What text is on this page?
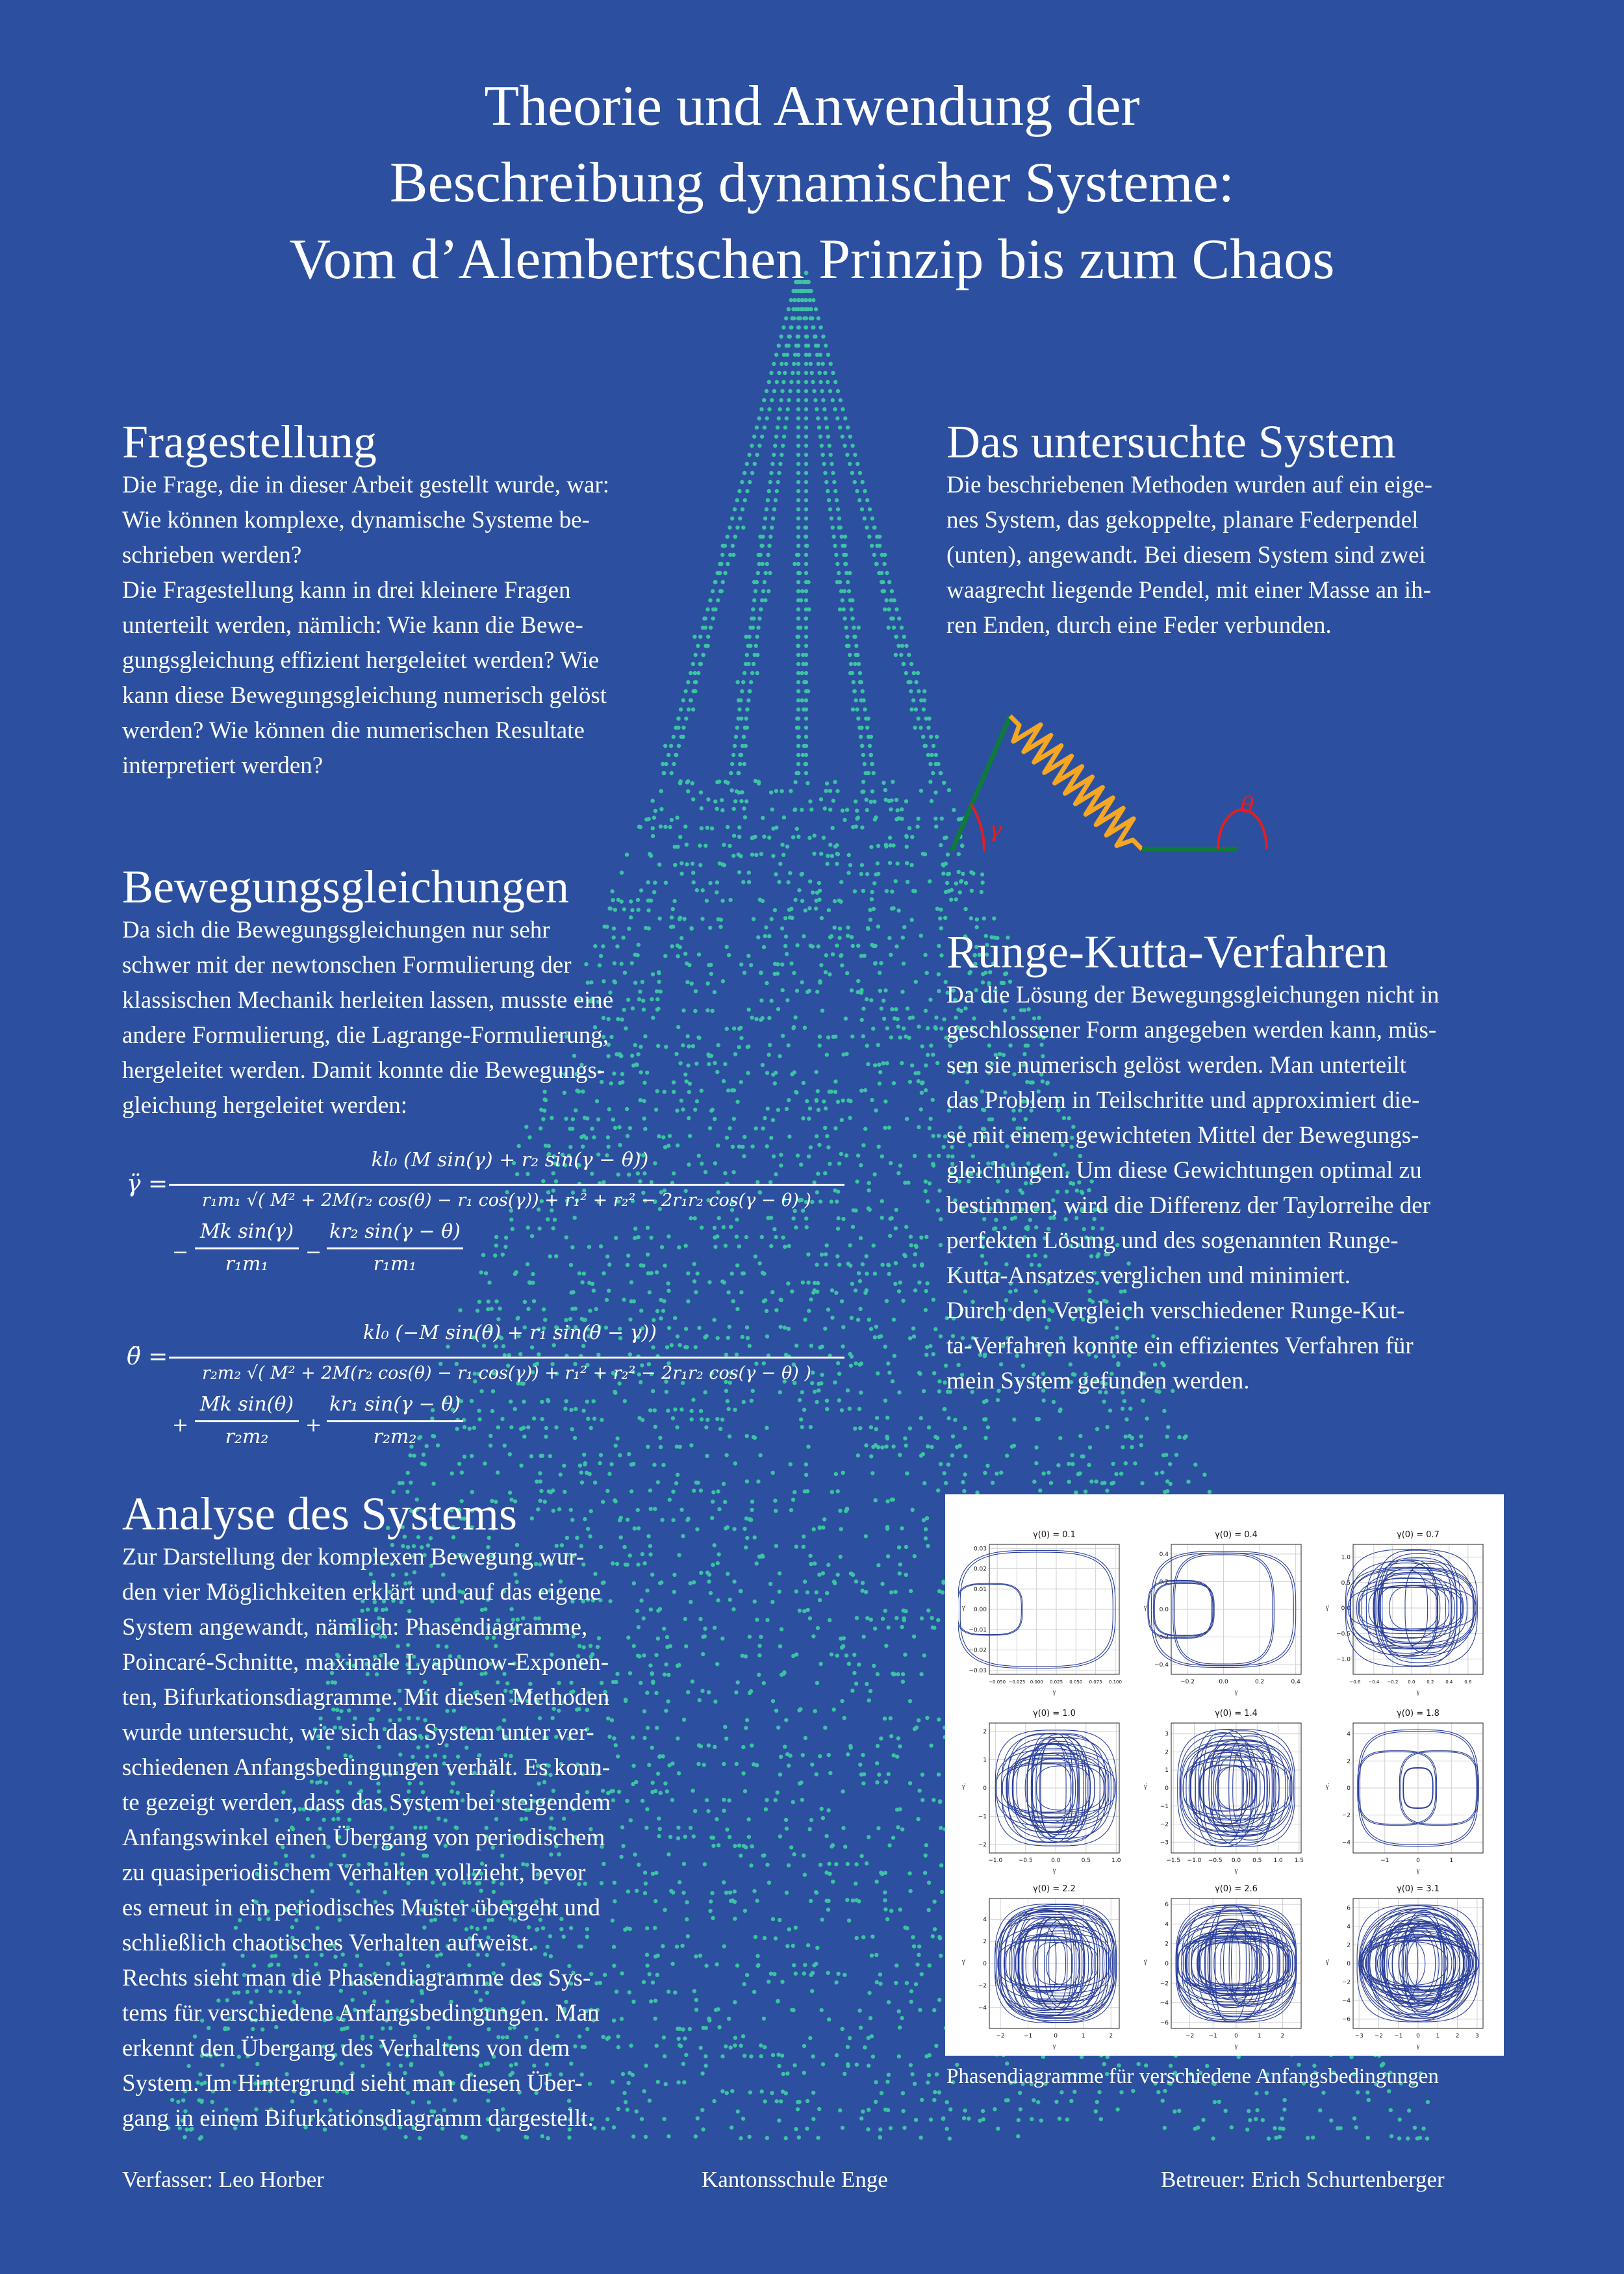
Theorie und Anwendung der
Beschreibung dynamischer Systeme:
Vom d’Alembertschen Prinzip bis zum Chaos
Fragestellung

Die Frage, die in dieser Arbeit gestellt wurde, war:
Wie können komplexe, dynamische Systeme be-
schrieben werden?
Die Fragestellung kann in drei kleinere Fragen
unterteilt werden, nämlich: Wie kann die Bewe-
gungsgleichung effizient hergeleitet werden? Wie
kann diese Bewegungsgleichung numerisch gelöst
werden? Wie können die numerischen Resultate
interpretiert werden?

Das untersuchte System

Die beschriebenen Methoden wurden auf ein eige-
nes System, das gekoppelte, planare Federpendel
(unten), angewandt. Bei diesem System sind zwei
waagrecht liegende Pendel, mit einer Masse an ih-
ren Enden, durch eine Feder verbunden.

γ
θ
Bewegungsgleichungen

Da sich die Bewegungsgleichungen nur sehr
schwer mit der newtonschen Formulierung der
klassischen Mechanik herleiten lassen, musste eine
andere Formulierung, die Lagrange-Formulierung,
hergeleitet werden. Damit konnte die Bewegungs-
gleichung hergeleitet werden:

γ̈ =
kl₀ (M sin(γ) + r₂ sin(γ − θ))
r₁m₁ √( M² + 2M(r₂ cos(θ) − r₁ cos(γ)) + r₁² + r₂² − 2r₁r₂ cos(γ − θ) )
−
Mk sin(γ)
r₁m₁
−
kr₂ sin(γ − θ)
r₁m₁
θ̈ =
kl₀ (−M sin(θ) + r₁ sin(θ − γ))
r₂m₂ √( M² + 2M(r₂ cos(θ) − r₁ cos(γ)) + r₁² + r₂² − 2r₁r₂ cos(γ − θ) )
+
Mk sin(θ)
r₂m₂
+
kr₁ sin(γ − θ)
r₂m₂
Runge-Kutta-Verfahren

Da die Lösung der Bewegungsgleichungen nicht in
geschlossener Form angegeben werden kann, müs-
sen sie numerisch gelöst werden. Man unterteilt
das Problem in Teilschritte und approximiert die-
se mit einem gewichteten Mittel der Bewegungs-
gleichungen. Um diese Gewichtungen optimal zu
bestimmen, wird die Differenz der Taylorreihe der
perfekten Lösung und des sogenannten Runge-
Kutta-Ansatzes verglichen und minimiert.
Durch den Vergleich verschiedener Runge-Kut-
ta-Verfahren konnte ein effizientes Verfahren für
mein System gefunden werden.

Analyse des Systems

Zur Darstellung der komplexen Bewegung wur-
den vier Möglichkeiten erklärt und auf das eigene
System angewandt, nämlich: Phasendiagramme,
Poincaré-Schnitte, maximale Lyapunow-Exponen-
ten, Bifurkationsdiagramme. Mit diesen Methoden
wurde untersucht, wie sich das System unter ver-
schiedenen Anfangsbedingungen verhält. Es konn-
te gezeigt werden, dass das System bei steigendem
Anfangswinkel einen Übergang von periodischem
zu quasiperiodischem Verhalten vollzieht, bevor
es erneut in ein periodisches Muster übergeht und
schließlich chaotisches Verhalten aufweist.
Rechts sieht man die Phasendiagramme des Sys-
tems für verschiedene Anfangsbedingungen. Man
erkennt den Übergang des Verhaltens von dem
System. Im Hintergrund sieht man diesen Über-
gang in einem Bifurkationsdiagramm dargestellt.

γ(0) = 0.1
−0.050 −0.025 0.000 0.025 0.050 0.075 0.100
−0.03
−0.02
−0.01
0.00
0.01
0.02
0.03
γ
γ̇
γ(0) = 0.4
−0.2	0.0	0.2	0.4
−0.4
−0.2
0.0
0.2
0.4
γ
γ̇
γ(0) = 0.7
−0.6 −0.4 −0.2 0.0	0.2	0.4	0.6
−1.0
−0.5
0.0
0.5
1.0
γ
γ̇
γ(0) = 1.0
−1.0	−0.5	0.0	0.5	1.0
−2
−1
0
1
2
γ
γ̇
γ(0) = 1.4
−1.5 −1.0 −0.5 0.0 0.5 1.0 1.5
−3
−2
−1
0
1
2
3
γ
γ̇
γ(0) = 1.8
−1	0	1
−4
−2
0
2
4
γ
γ̇
γ(0) = 2.2
−2	−1	0	1	2
−4
−2
0
2
4
γ
γ̇
γ(0) = 2.6
−2 −1	0	1	2
−6
−4
−2
0
2
4
6
γ
γ̇
γ(0) = 3.1
−3 −2 −1 0	1	2	3
−6
−4
−2
0
2
4
6
γ
γ̇
Phasendiagramme für verschiedene Anfangsbedingungen
Verfasser: Leo Horber	Kantonsschule Enge	Betreuer: Erich Schurtenberger
